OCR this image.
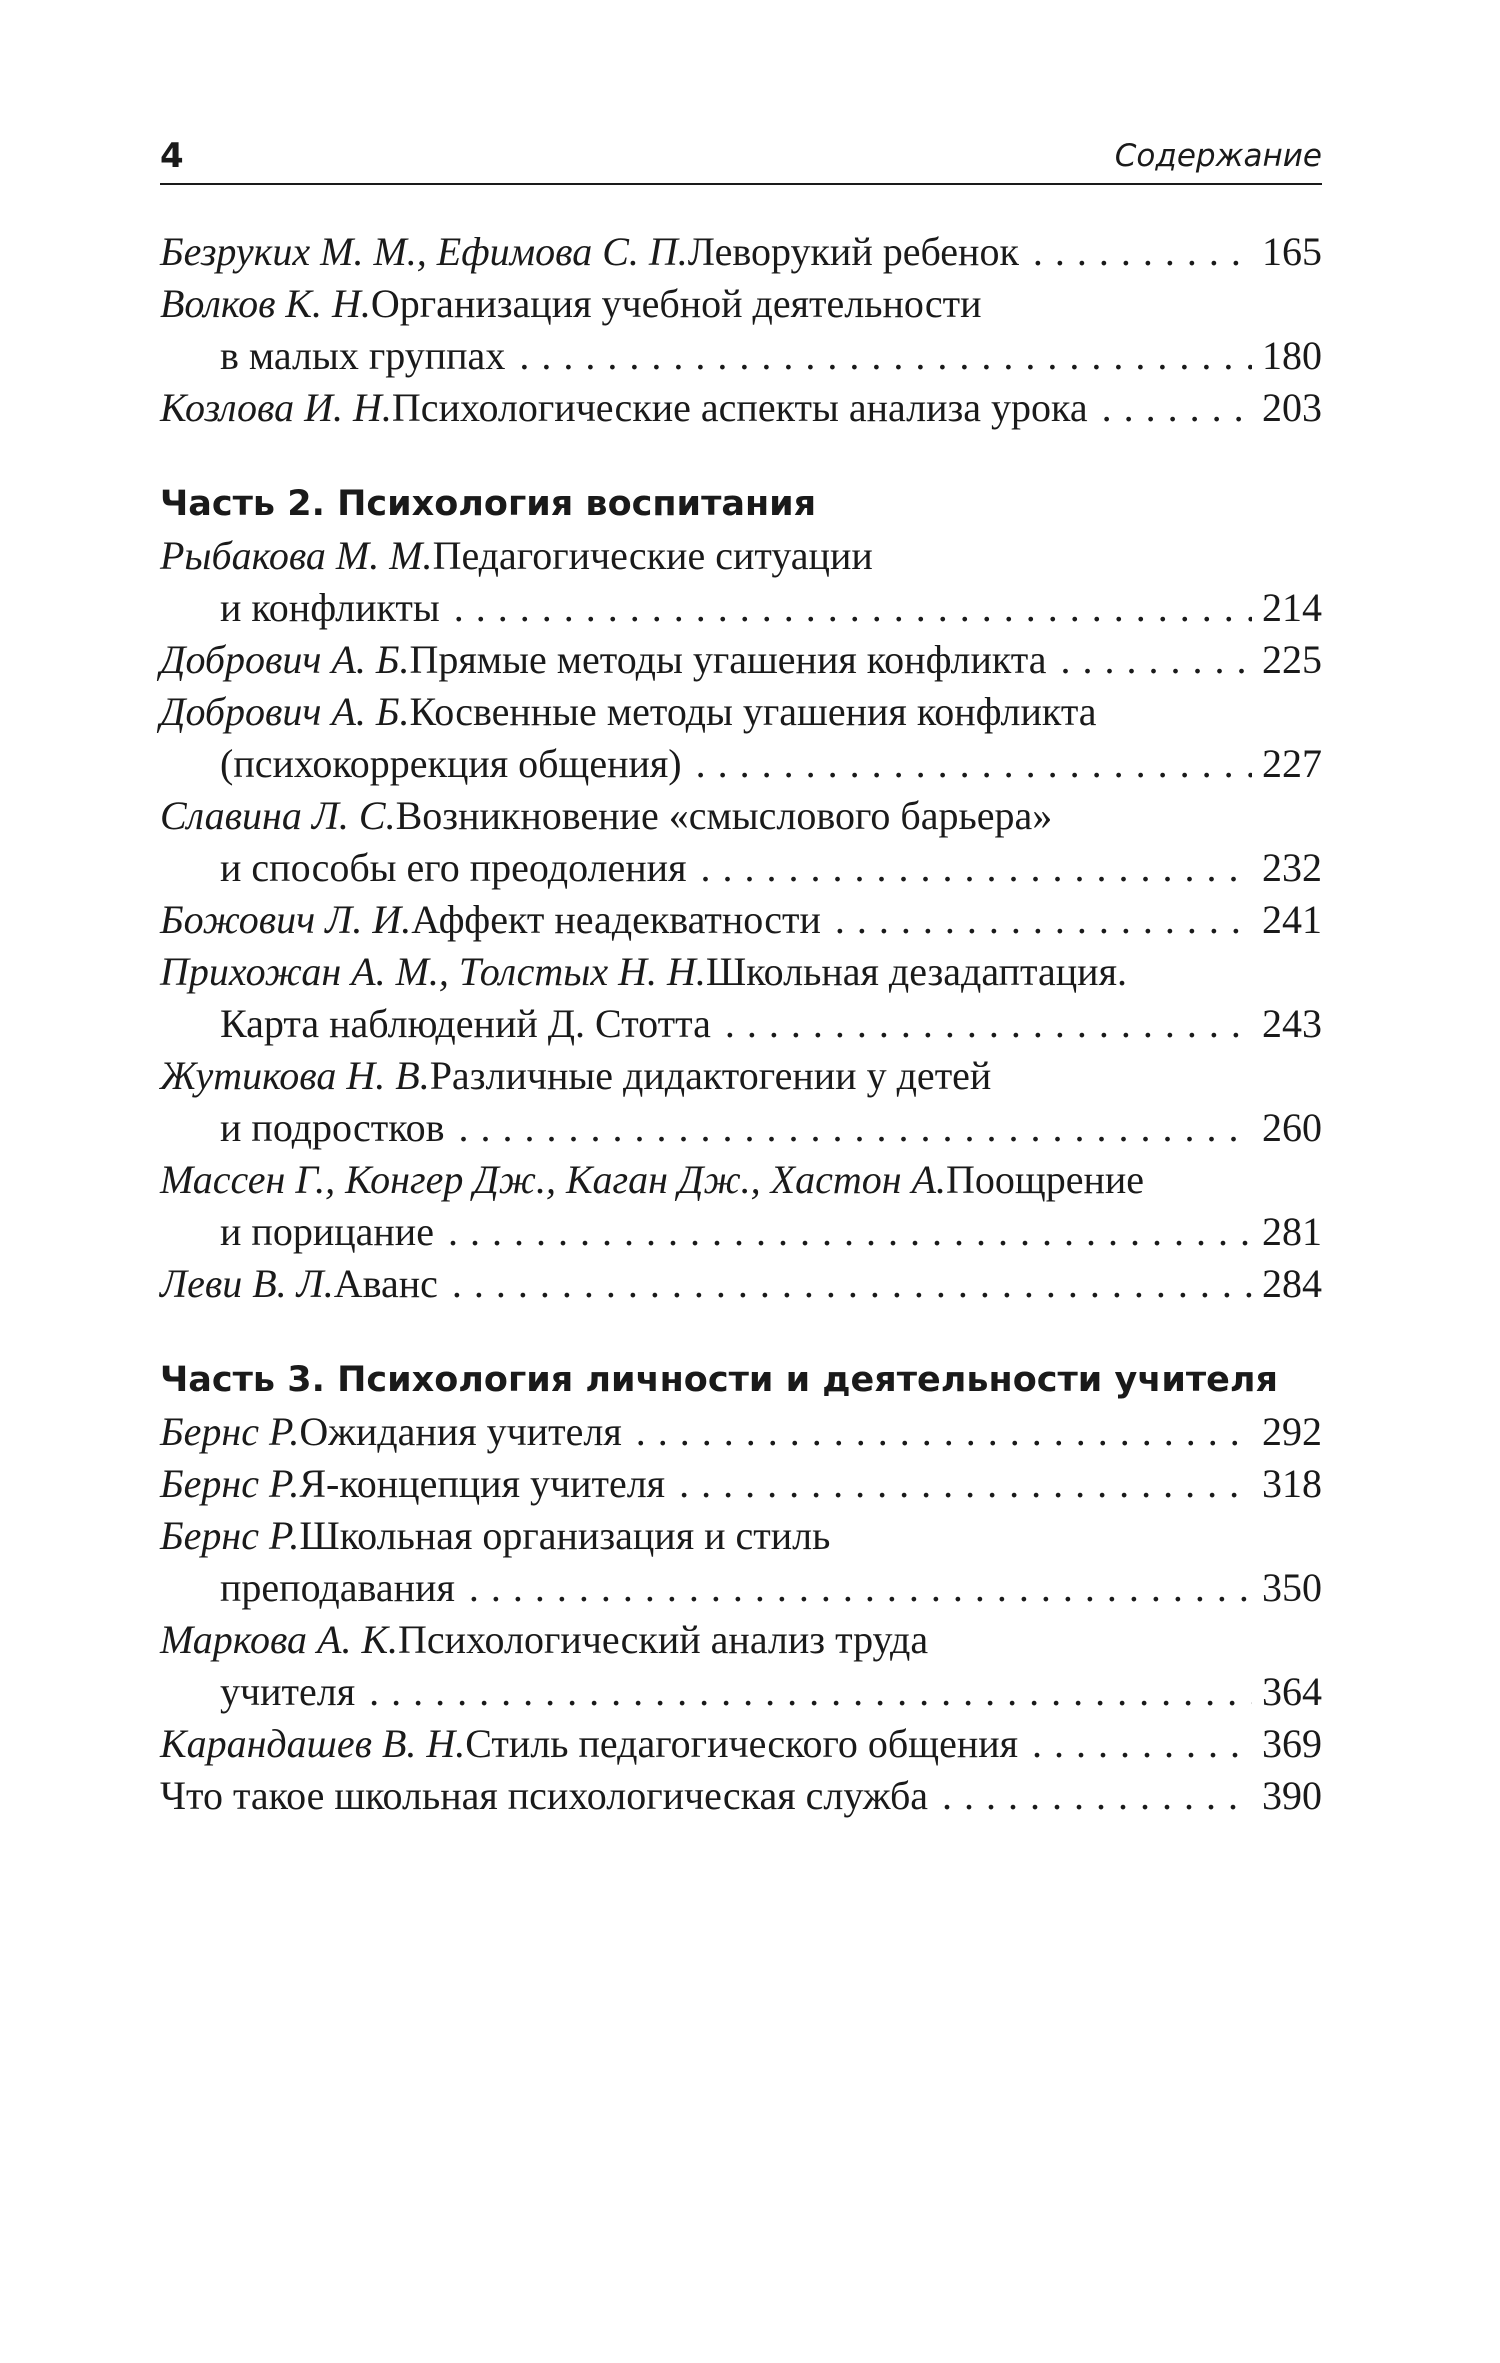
4	Содержание
Безруких М. М., Ефимова С. П. Леворукий ребенок . . .	165
Волков К. Н. Организация учебной деятельности
в малых группах . . .	180
Козлова И. Н. Психологические аспекты анализа урока . . .	203
Часть 2. Психология воспитания
Рыбакова М. М. Педагогические ситуации
и конфликты . . .	214
Добрович А. Б. Прямые методы угашения конфликта . . .	225
Добрович А. Б. Косвенные методы угашения конфликта
(психокоррекция общения) . . .	227
Славина Л. С. Возникновение «смыслового барьера»
и способы его преодоления . . .	232
Божович Л. И. Аффект неадекватности . . .	241
Прихожан А. М., Толстых Н. Н. Школьная дезадаптация.
Карта наблюдений Д. Стотта . . .	243
Жутикова Н. В. Различные дидактогении у детей
и подростков . . .	260
Массен Г., Конгер Дж., Каган Дж., Хастон А. Поощрение
и порицание . . .	281
Леви В. Л. Аванс . . .	284
Часть 3. Психология личности и деятельности учителя
Бернс Р. Ожидания учителя . . .	292
Бернс Р. Я-концепция учителя . . .	318
Бернс Р. Школьная организация и стиль
преподавания . . .	350
Маркова А. К. Психологический анализ труда
учителя . . .	364
Карандашев В. Н. Стиль педагогического общения . . .	369
Что такое школьная психологическая служба . . .	390
